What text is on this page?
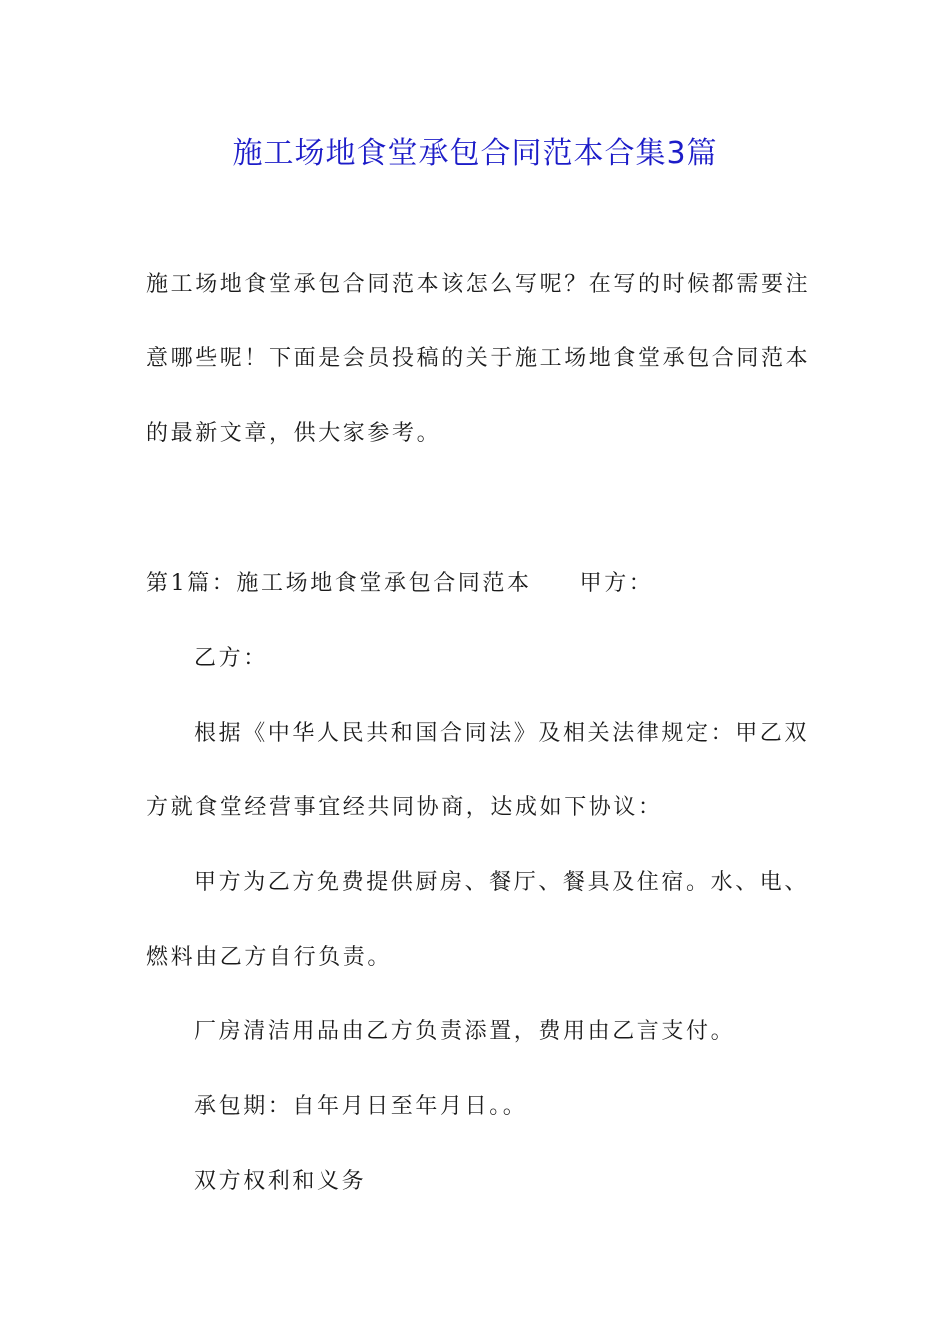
施工场地食堂承包合同范本合集3篇

施工场地食堂承包合同范本该怎么写呢？在写的时候都需要注

意哪些呢！下面是会员投稿的关于施工场地食堂承包合同范本

的最新文章，供大家参考。

第1篇：施工场地食堂承包合同范本 甲方：

乙方：

根据《中华人民共和国合同法》及相关法律规定：甲乙双

方就食堂经营事宜经共同协商，达成如下协议：

甲方为乙方免费提供厨房、餐厅、餐具及住宿。水、电、

燃料由乙方自行负责。

厂房清洁用品由乙方负责添置，费用由乙言支付。

承包期：自年月日至年月日。。

双方权利和义务
